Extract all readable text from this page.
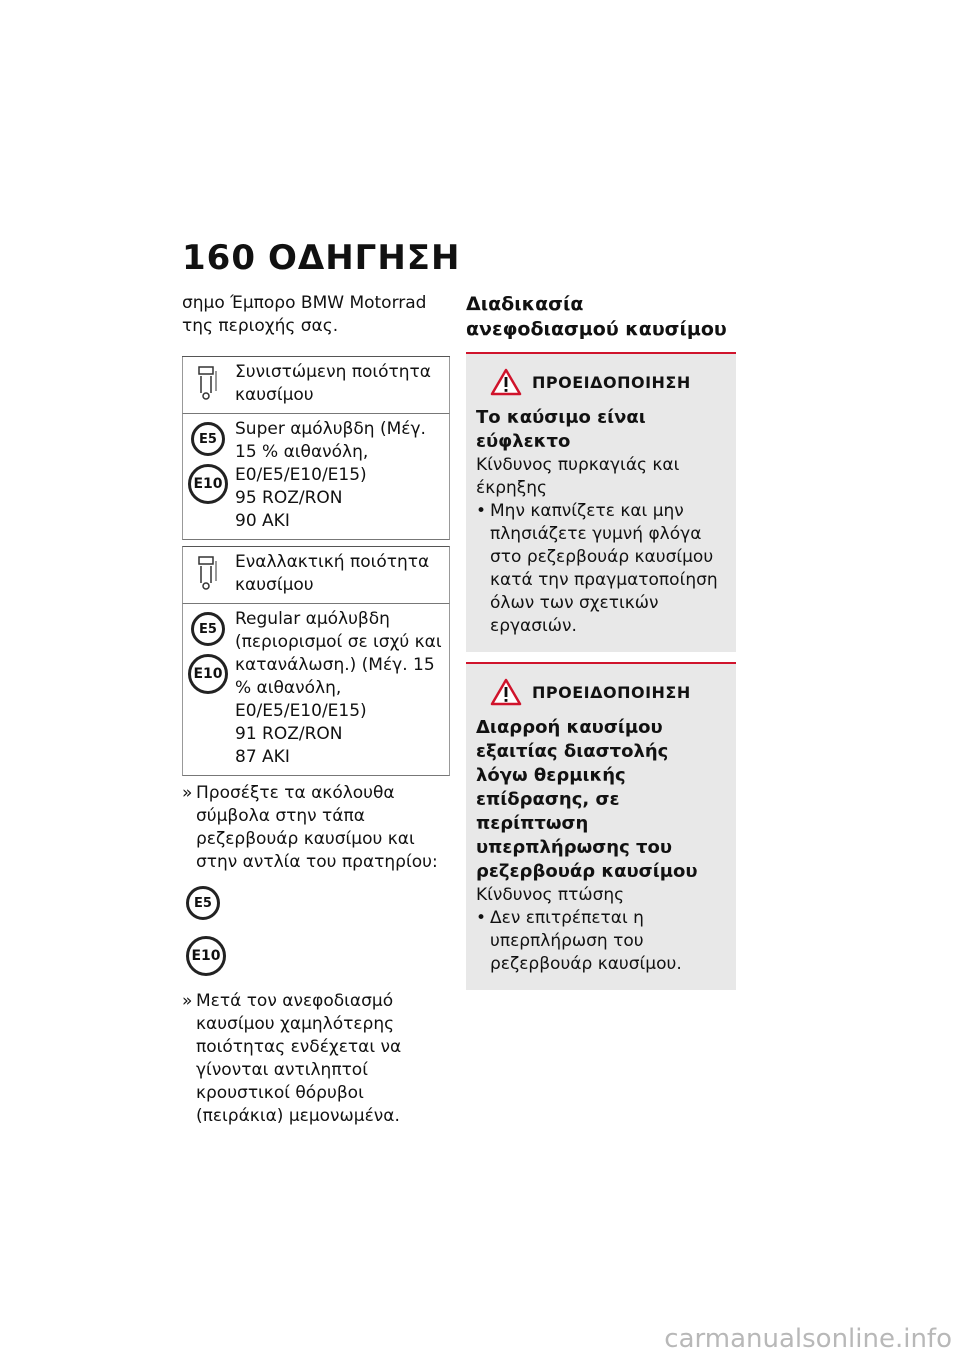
160 ΟΔΗΓΗΣΗ

σημο Έμπορο BMW Motorrad της περιοχής σας.

Συνιστώμενη ποιότητα καυσίμου
E5
E10
Super αμόλυβδη (Μέγ. 15 % αιθανόλη, E0/E5/E10/E15)
95 ROZ/RON
90 AKI
Εναλλακτική ποιότητα καυσίμου
E5
E10
Regular αμόλυβδη (περιορισμοί σε ισχύ και κατανάλωση.) (Μέγ. 15 % αιθανόλη, E0/E5/E10/E15)
91 ROZ/RON
87 AKI
» Προσέξτε τα ακόλουθα σύμβολα στην τάπα ρεζερβουάρ καυσίμου και στην αντλία του πρατηρίου:
E5
E10
» Μετά τον ανεφοδιασμό καυσίμου χαμηλότερης ποιότητας ενδέχεται να γίνονται αντιληπτοί κρουστικοί θόρυβοι (πειράκια) μεμονωμένα.
Διαδικασία ανεφοδιασμού καυσίμου
ΠΡΟΕΙΔΟΠΟΙΗΣΗ
Το καύσιμο είναι εύφλεκτο
Κίνδυνος πυρκαγιάς και έκρηξης
• Μην καπνίζετε και μην πλησιάζετε γυμνή φλόγα στο ρεζερβουάρ καυσίμου κατά την πραγματοποίηση όλων των σχετικών εργασιών.
ΠΡΟΕΙΔΟΠΟΙΗΣΗ
Διαρροή καυσίμου εξαιτίας διαστολής λόγω θερμικής επίδρασης, σε περίπτωση υπερπλήρωσης του ρεζερβουάρ καυσίμου
Κίνδυνος πτώσης
• Δεν επιτρέπεται η υπερπλήρωση του ρεζερβουάρ καυσίμου.
carmanualsonline.info
